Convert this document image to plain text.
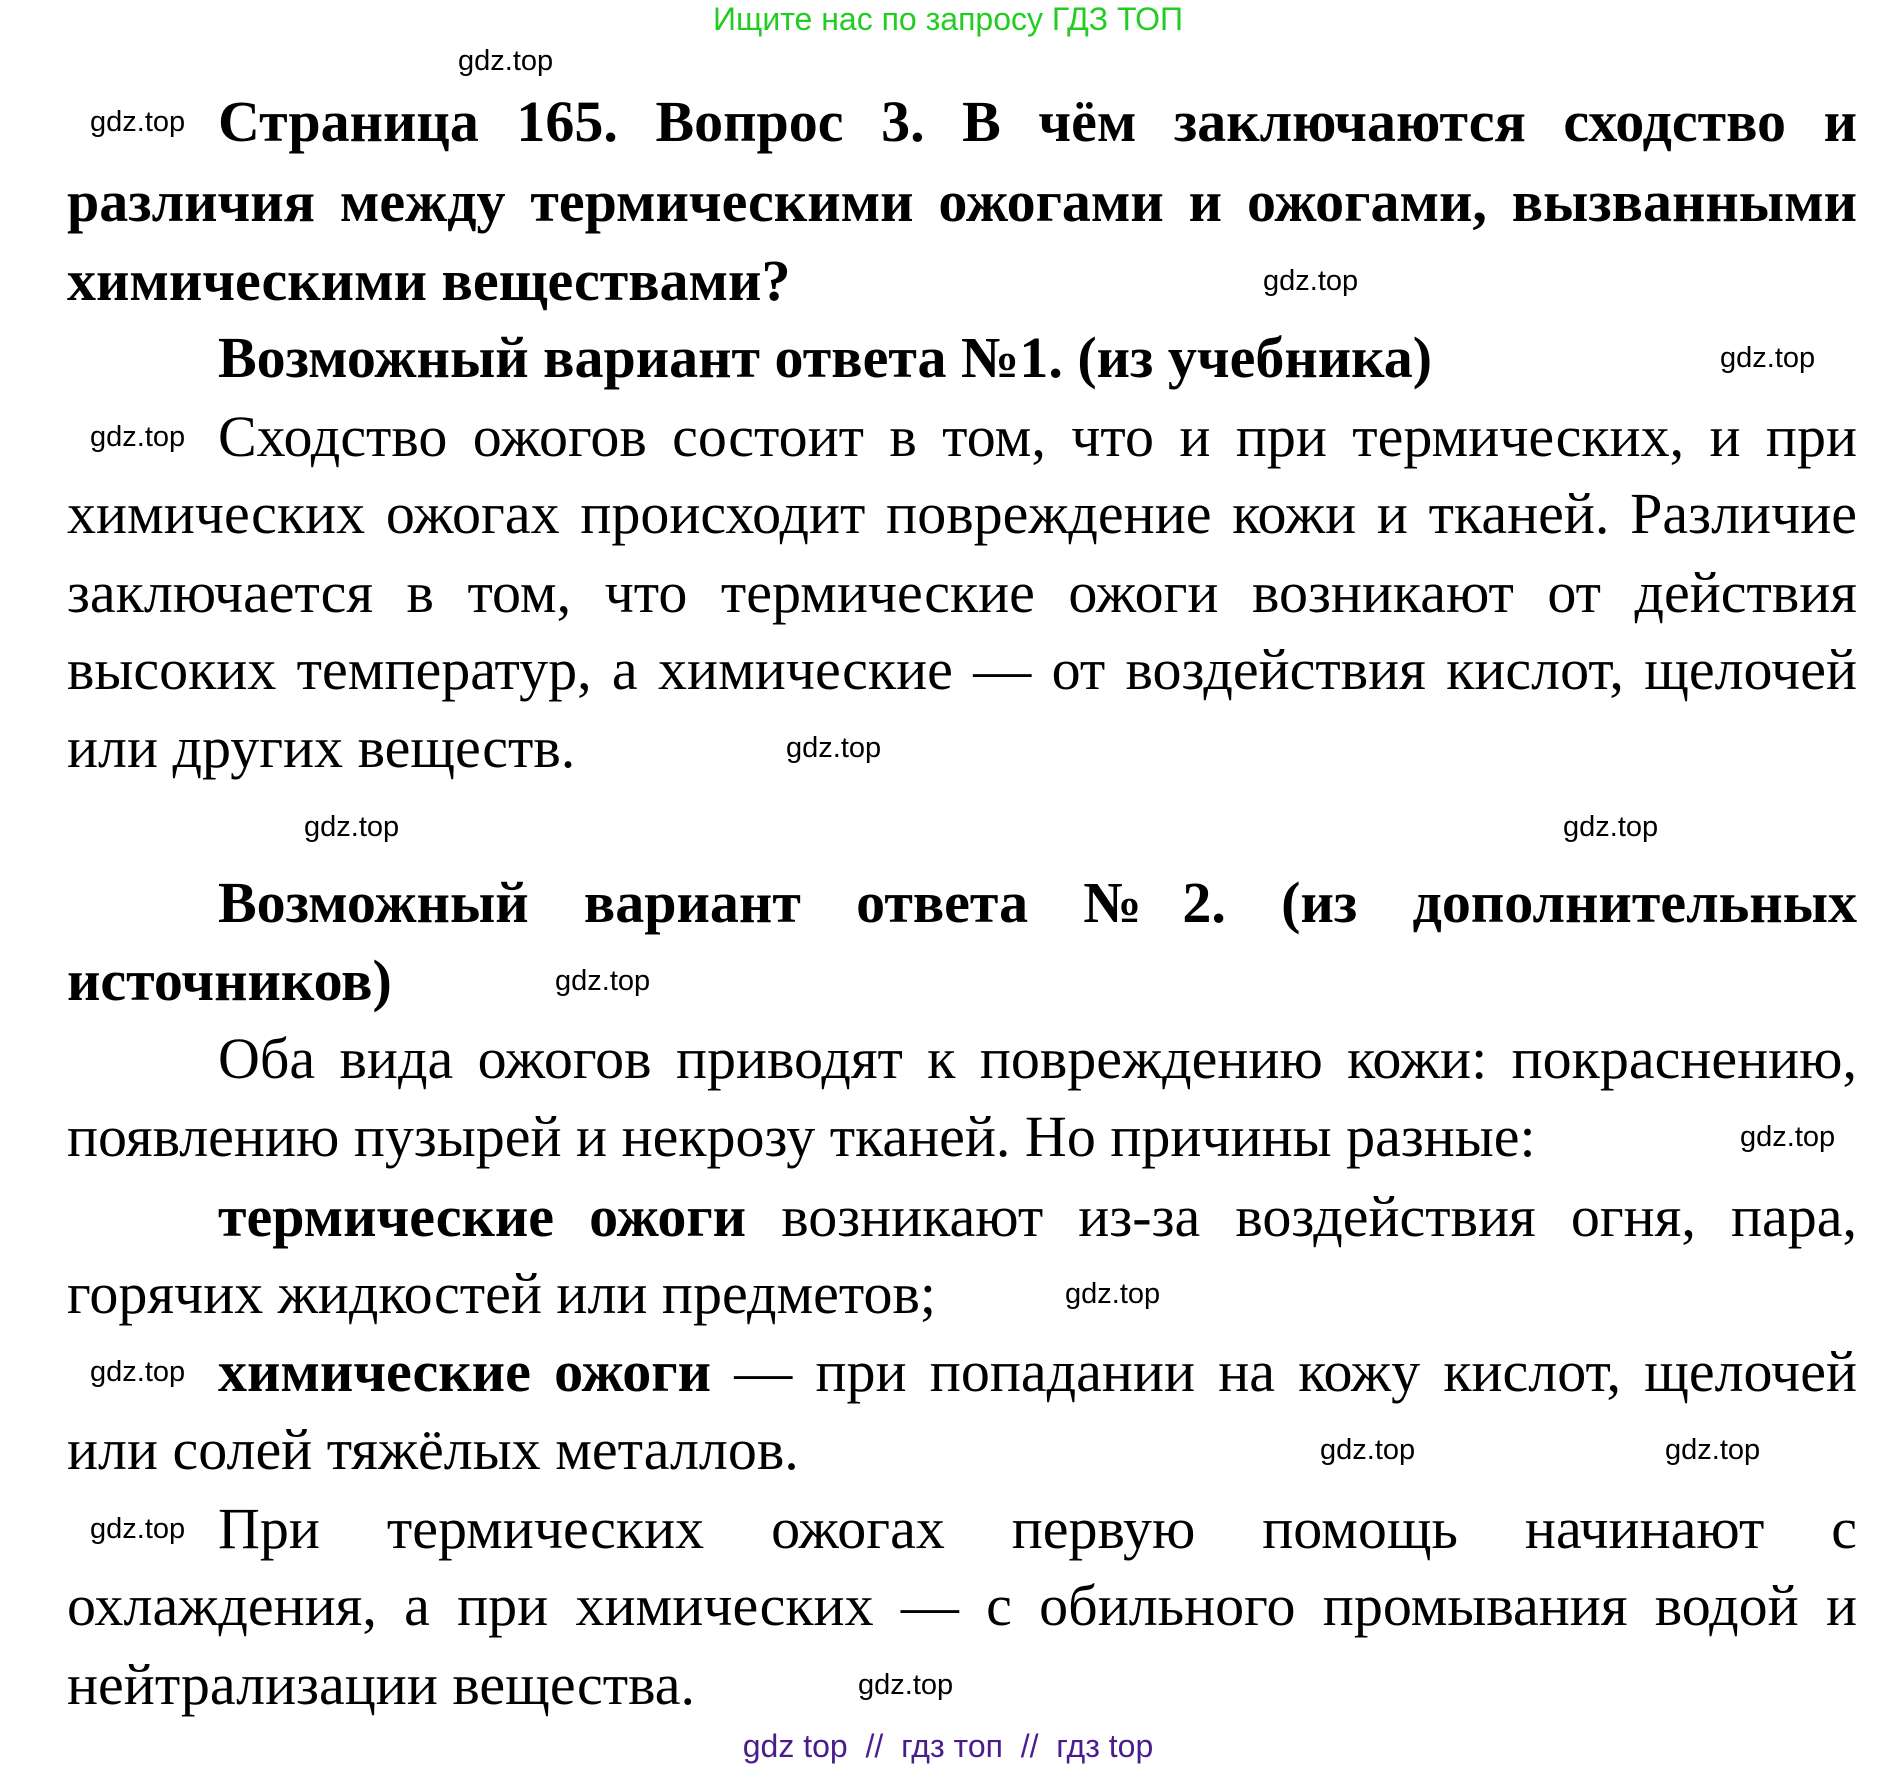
Ищите нас по запросу ГДЗ ТОП
Страница 165. Вопрос 3. В чём заключаются сходство и
различия между термическими ожогами и ожогами, вызванными
химическими веществами?
Возможный вариант ответа №1. (из учебника)
Сходство ожогов состоит в том, что и при термических, и при
химических ожогах происходит повреждение кожи и тканей. Различие
заключается в том, что термические ожоги возникают от действия
высоких температур, а химические — от воздействия кислот, щелочей
или других веществ.
Возможный вариант ответа №2. (из дополнительных
источников)
Оба вида ожогов приводят к повреждению кожи: покраснению,
появлению пузырей и некрозу тканей. Но причины разные:
термические ожоги возникают из-за воздействия огня, пара,
горячих жидкостей или предметов;
химические ожоги — при попадании на кожу кислот, щелочей
или солей тяжёлых металлов.
При термических ожогах первую помощь начинают с
охлаждения, а при химических — с обильного промывания водой и
нейтрализации вещества.
gdz.top
gdz.top
gdz.top
gdz.top
gdz.top
gdz.top
gdz.top	gdz.top
gdz.top
gdz.top
gdz.top
gdz.top
gdz.top	gdz.top
gdz.top
gdz.top
gdz top  //  гдз топ  //  гдз top
